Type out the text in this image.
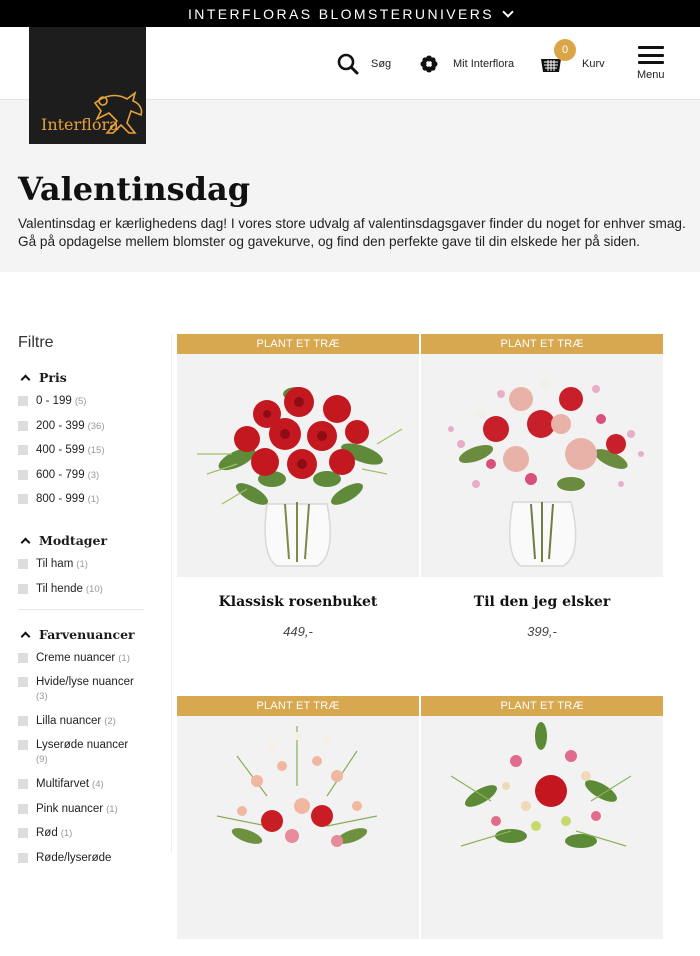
INTERFLORAS BLOMSTERUNIVERS
Interflora
Søg	Mit Interflora
0
Kurv
Menu
Valentinsdag

Valentinsdag er kærlighedens dag! I vores store udvalg af valentinsdagsgaver finder du noget for enhver smag. Gå på opdagelse mellem blomster og gavekurve, og find den perfekte gave til din elskede her på siden.

Filtre
Pris
0 - 199 (5)
200 - 399 (36)
400 - 599 (15)
600 - 799 (3)
800 - 999 (1)
Modtager
Til ham (1)
Til hende (10)
Farvenuancer
Creme nuancer (1)
Hvide/lyse nuancer
(3)
Lilla nuancer (2)
Lyserøde nuancer
(9)
Multifarvet (4)
Pink nuancer (1)
Rød (1)
Røde/lyserøde
PLANT ET TRÆ
Klassisk rosenbuket
449,-
PLANT ET TRÆ
Til den jeg elsker
399,-
PLANT ET TRÆ	PLANT ET TRÆ
